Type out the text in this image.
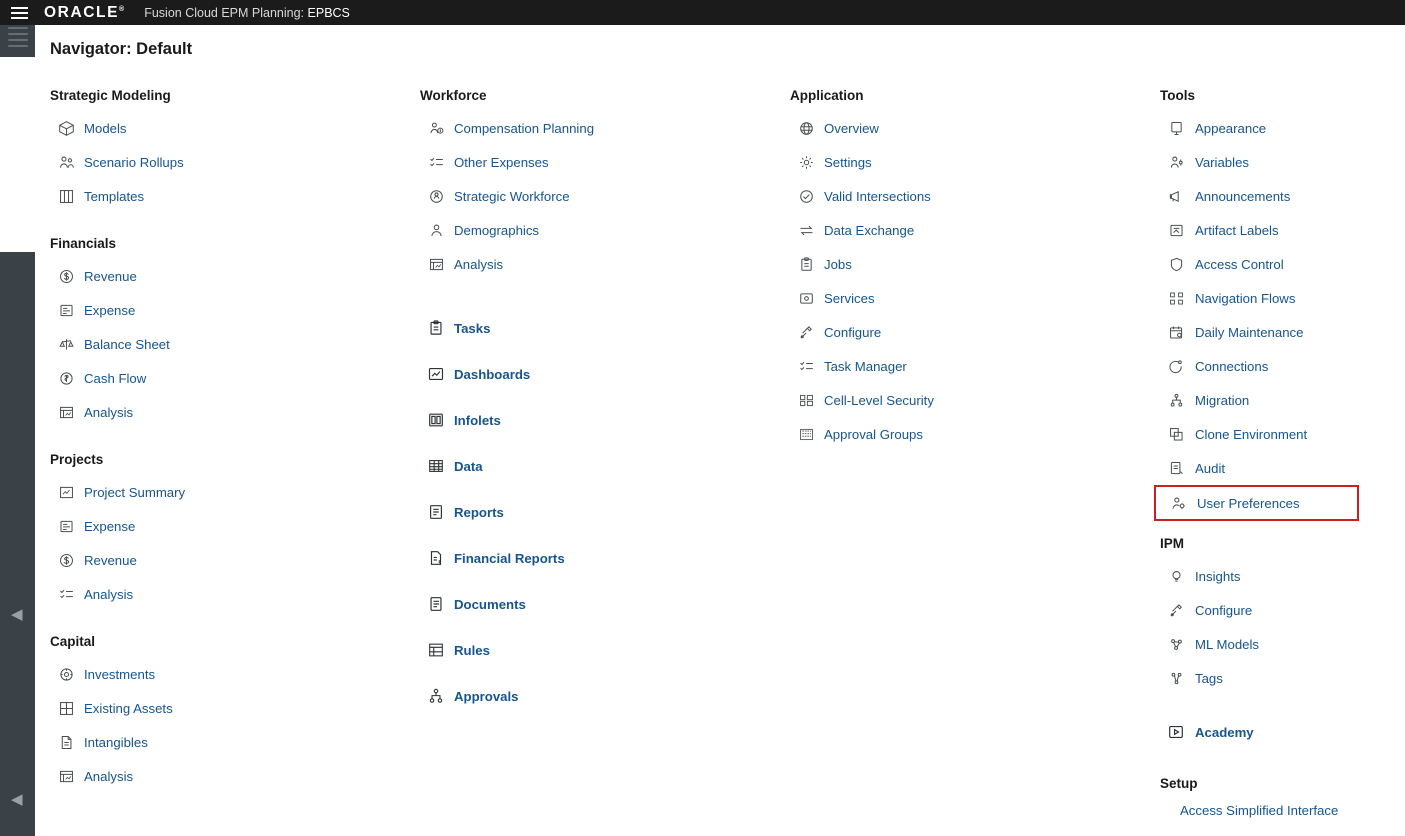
ORACLE® Fusion Cloud EPM Planning: EPBCS
◀
◀
Navigator: Default
Strategic Modeling
Models
Scenario Rollups
Templates
Financials
Revenue
Expense
Balance Sheet
Cash Flow
Analysis
Projects
Project Summary
Expense
Revenue
Analysis
Capital
Investments
Existing Assets
Intangibles
Analysis
Workforce
Compensation Planning
Other Expenses
Strategic Workforce
Demographics
Analysis
Tasks
Dashboards
Infolets
Data
Reports
Financial Reports
Documents
Rules
Approvals
Application
Overview
Settings
Valid Intersections
Data Exchange
Jobs
Services
Configure
Task Manager
Cell-Level Security
Approval Groups
Tools
Appearance
Variables
Announcements
Artifact Labels
Access Control
Navigation Flows
Daily Maintenance
Connections
Migration
Clone Environment
Audit
User Preferences
IPM
Insights
Configure
ML Models
Tags
Academy
Setup
Access Simplified Interface
